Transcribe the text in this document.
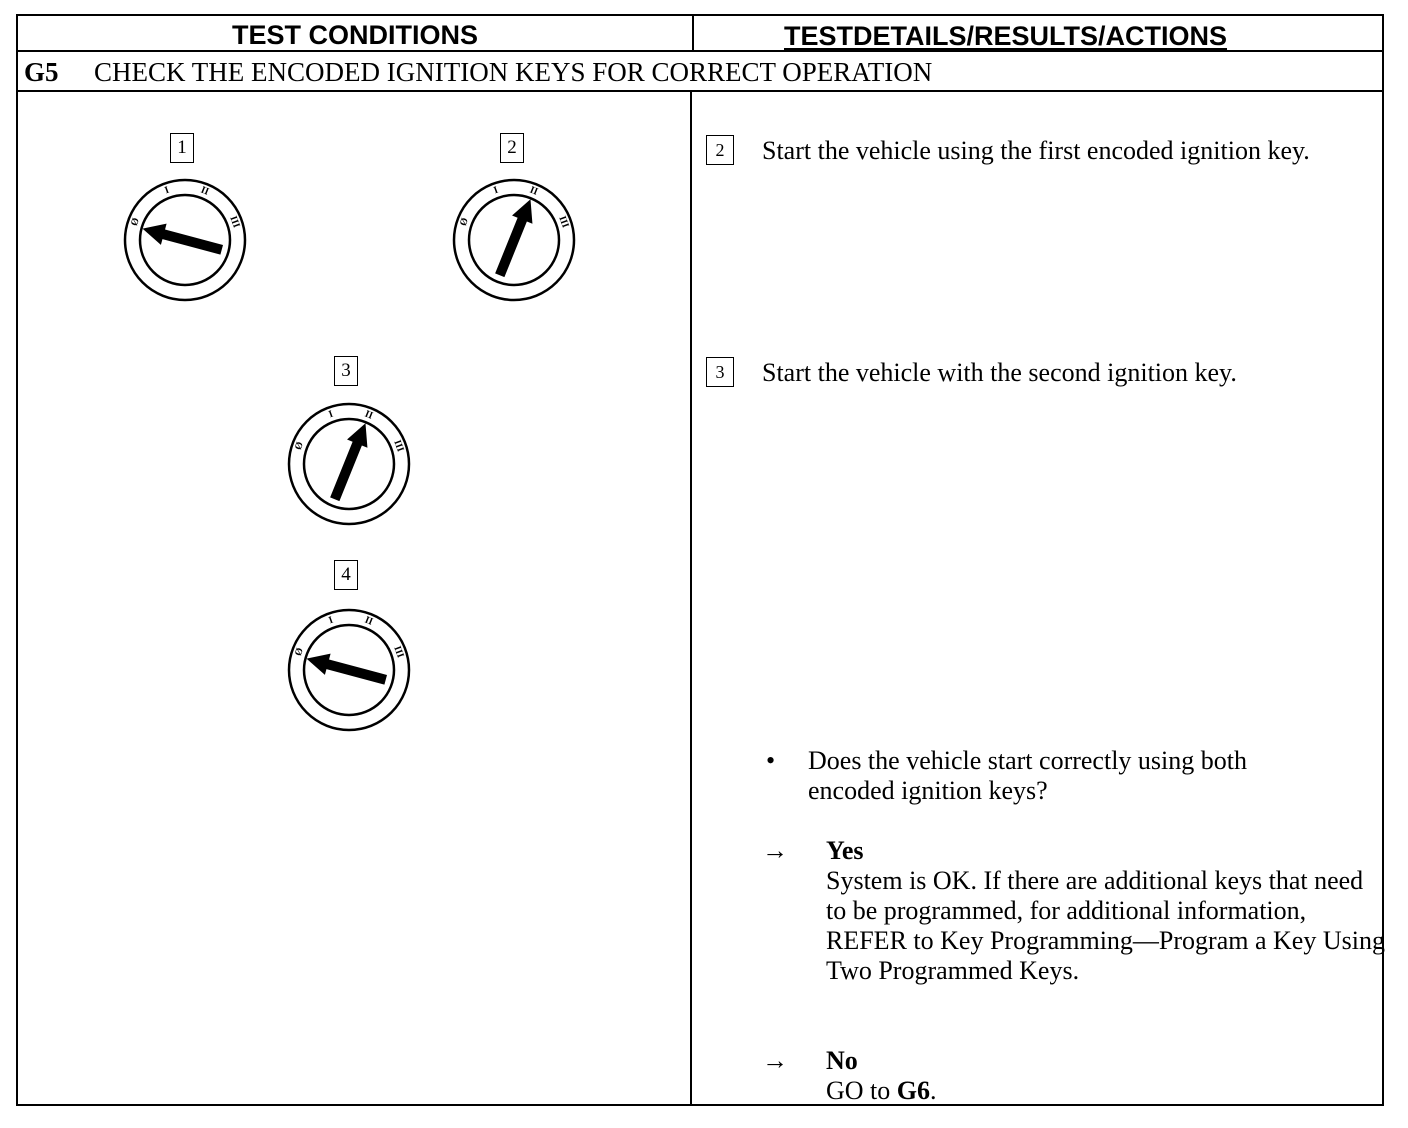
TEST CONDITIONS	TESTDETAILS/RESULTS/ACTIONS
G5 CHECK THE ENCODED IGNITION KEYS FOR CORRECT OPERATION
1
Ø
I	II
III
2
Ø
I	II
III
3
Ø
I	II
III
4
Ø
I	II
III
2	Start the vehicle using the first encoded ignition key.
3	Start the vehicle with the second ignition key.
• Does the vehicle start correctly using both encoded ignition keys?
→	Yes
System is OK. If there are additional keys that need to be programmed, for additional information, REFER to Key Programming—Program a Key Using Two Programmed Keys.
→	No
GO to G6.
